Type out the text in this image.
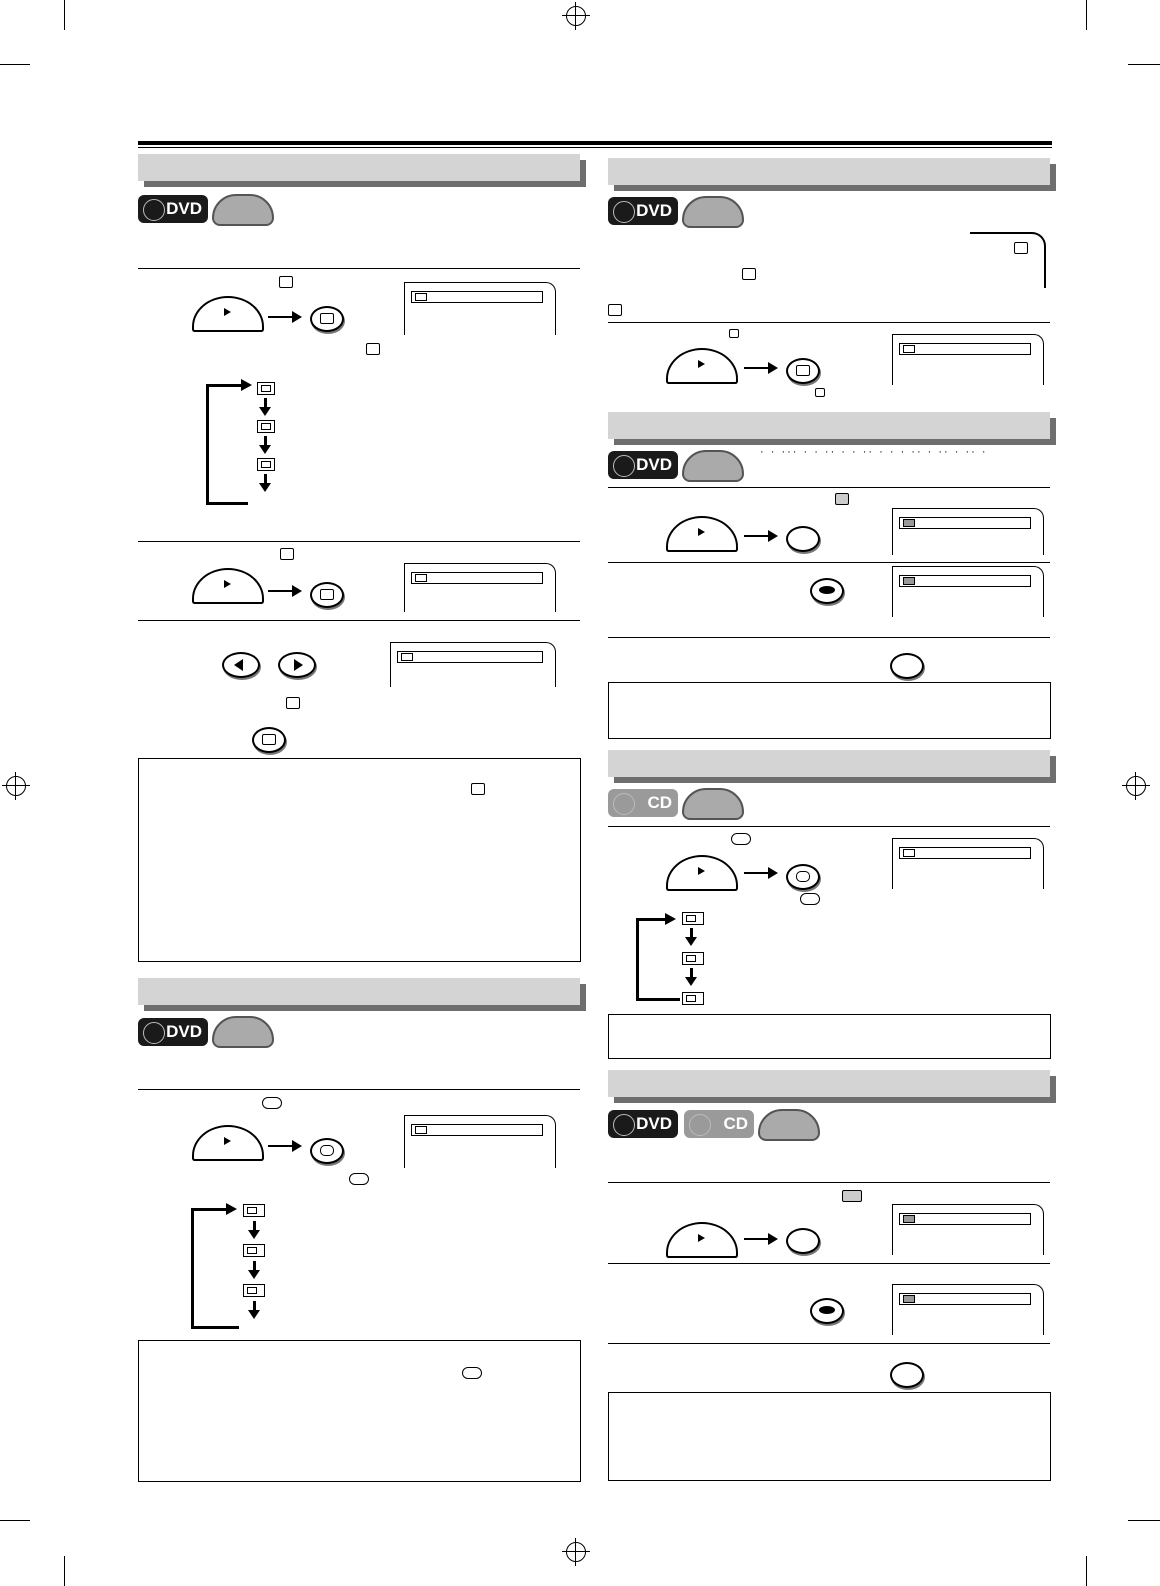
DVD
DVD
DVD
DVD
· · ··· · · ·· · · ·· · · · ·· · ·· · ·· ·
CD
DVD	CD
